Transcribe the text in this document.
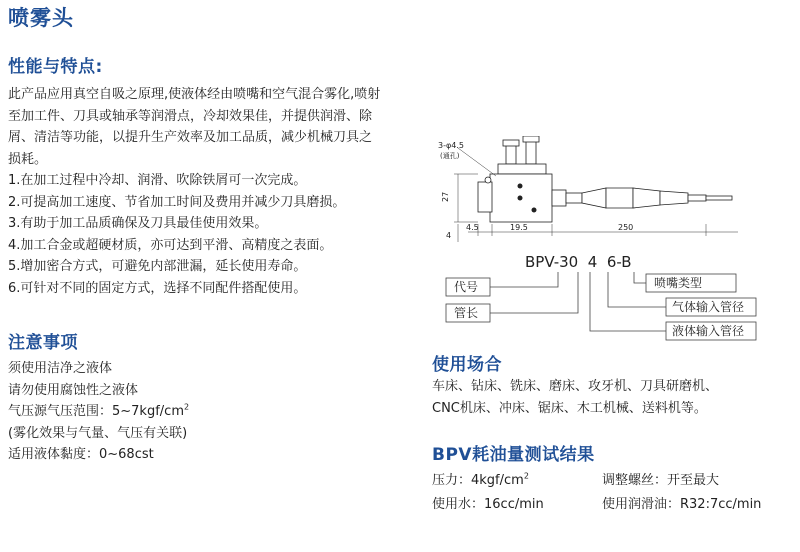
喷雾头
性能与特点:
此产品应用真空自吸之原理,使液体经由喷嘴和空气混合雾化,喷射
至加工件、刀具或轴承等润滑点，冷却效果佳，并提供润滑、除
屑、清洁等功能，以提升生产效率及加工品质，减少机械刀具之
损耗。
1.在加工过程中冷却、润滑、吹除铁屑可一次完成。
2.可提高加工速度、节省加工时间及费用并减少刀具磨损。
3.有助于加工品质确保及刀具最佳使用效果。
4.加工合金或超硬材质，亦可达到平滑、高精度之表面。
5.增加密合方式，可避免内部泄漏，延长使用寿命。
6.可针对不同的固定方式，选择不同配件搭配使用。
注意事项
须使用洁净之液体
请勿使用腐蚀性之液体
气压源气压范围：$5\sim 7kgf/cm^2$
(雾化效果与气量、气压有关联)
适用液体黏度：0~68cst
3-φ4.5
(通孔)
27
4
4.5	19.5	250
BPV-30  4  6-B
代号
管长
喷嘴类型
气体输入管径
液体输入管径
使用场合
车床、钻床、铣床、磨床、攻牙机、刀具研磨机、
CNC机床、冲床、锯床、木工机械、送料机等。
BPV耗油量测试结果
压力：$4kgf/cm^2$	调整螺丝：开至最大
使用水：16cc/min	使用润滑油：R32:7cc/min
